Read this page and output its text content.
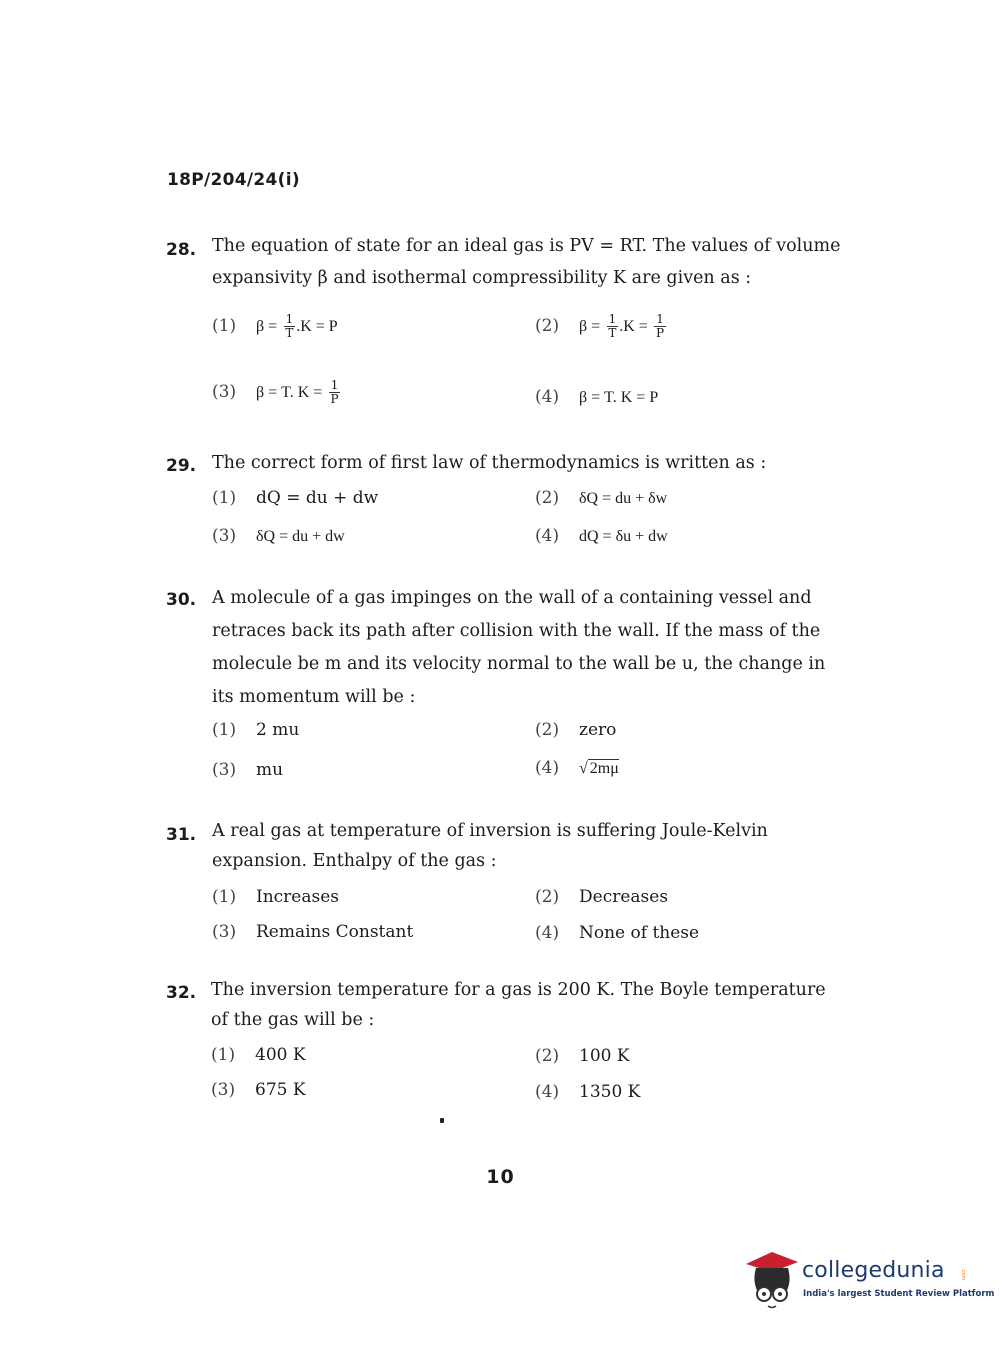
18P/204/24(i)
28. The equation of state for an ideal gas is PV = RT. The values of volume
expansivity β and isothermal compressibility K are given as :
(1) $\beta = \frac{1}{T} .K = P$	(2) $\beta = \frac{1}{T} .K = \frac{1}{P}$
(3) β = T. $K = \frac{1}{P}$	(4) β = T. K = P
29. The correct form of first law of thermodynamics is written as :
(1) dQ = du + dw	(2) δQ = du + δw
(3) δQ = du + dw	(4) dQ = δu + dw
30. A molecule of a gas impinges on the wall of a containing vessel and
retraces back its path after collision with the wall. If the mass of the
molecule be m and its velocity normal to the wall be u, the change in
its momentum will be :
(1) 2 mu	(2) zero
(3) mu	(4) √ 2mμ
31. A real gas at temperature of inversion is suffering Joule-Kelvin
expansion. Enthalpy of the gas :
(1) Increases	(2) Decreases
(3) Remains Constant	(4) None of these
32. The inversion temperature for a gas is 200 K. The Boyle temperature
of the gas will be :
(1) 400 K	(2) 100 K
(3) 675 K	(4) 1350 K
10
collegedunia	.com
India's largest Student Review Platform
